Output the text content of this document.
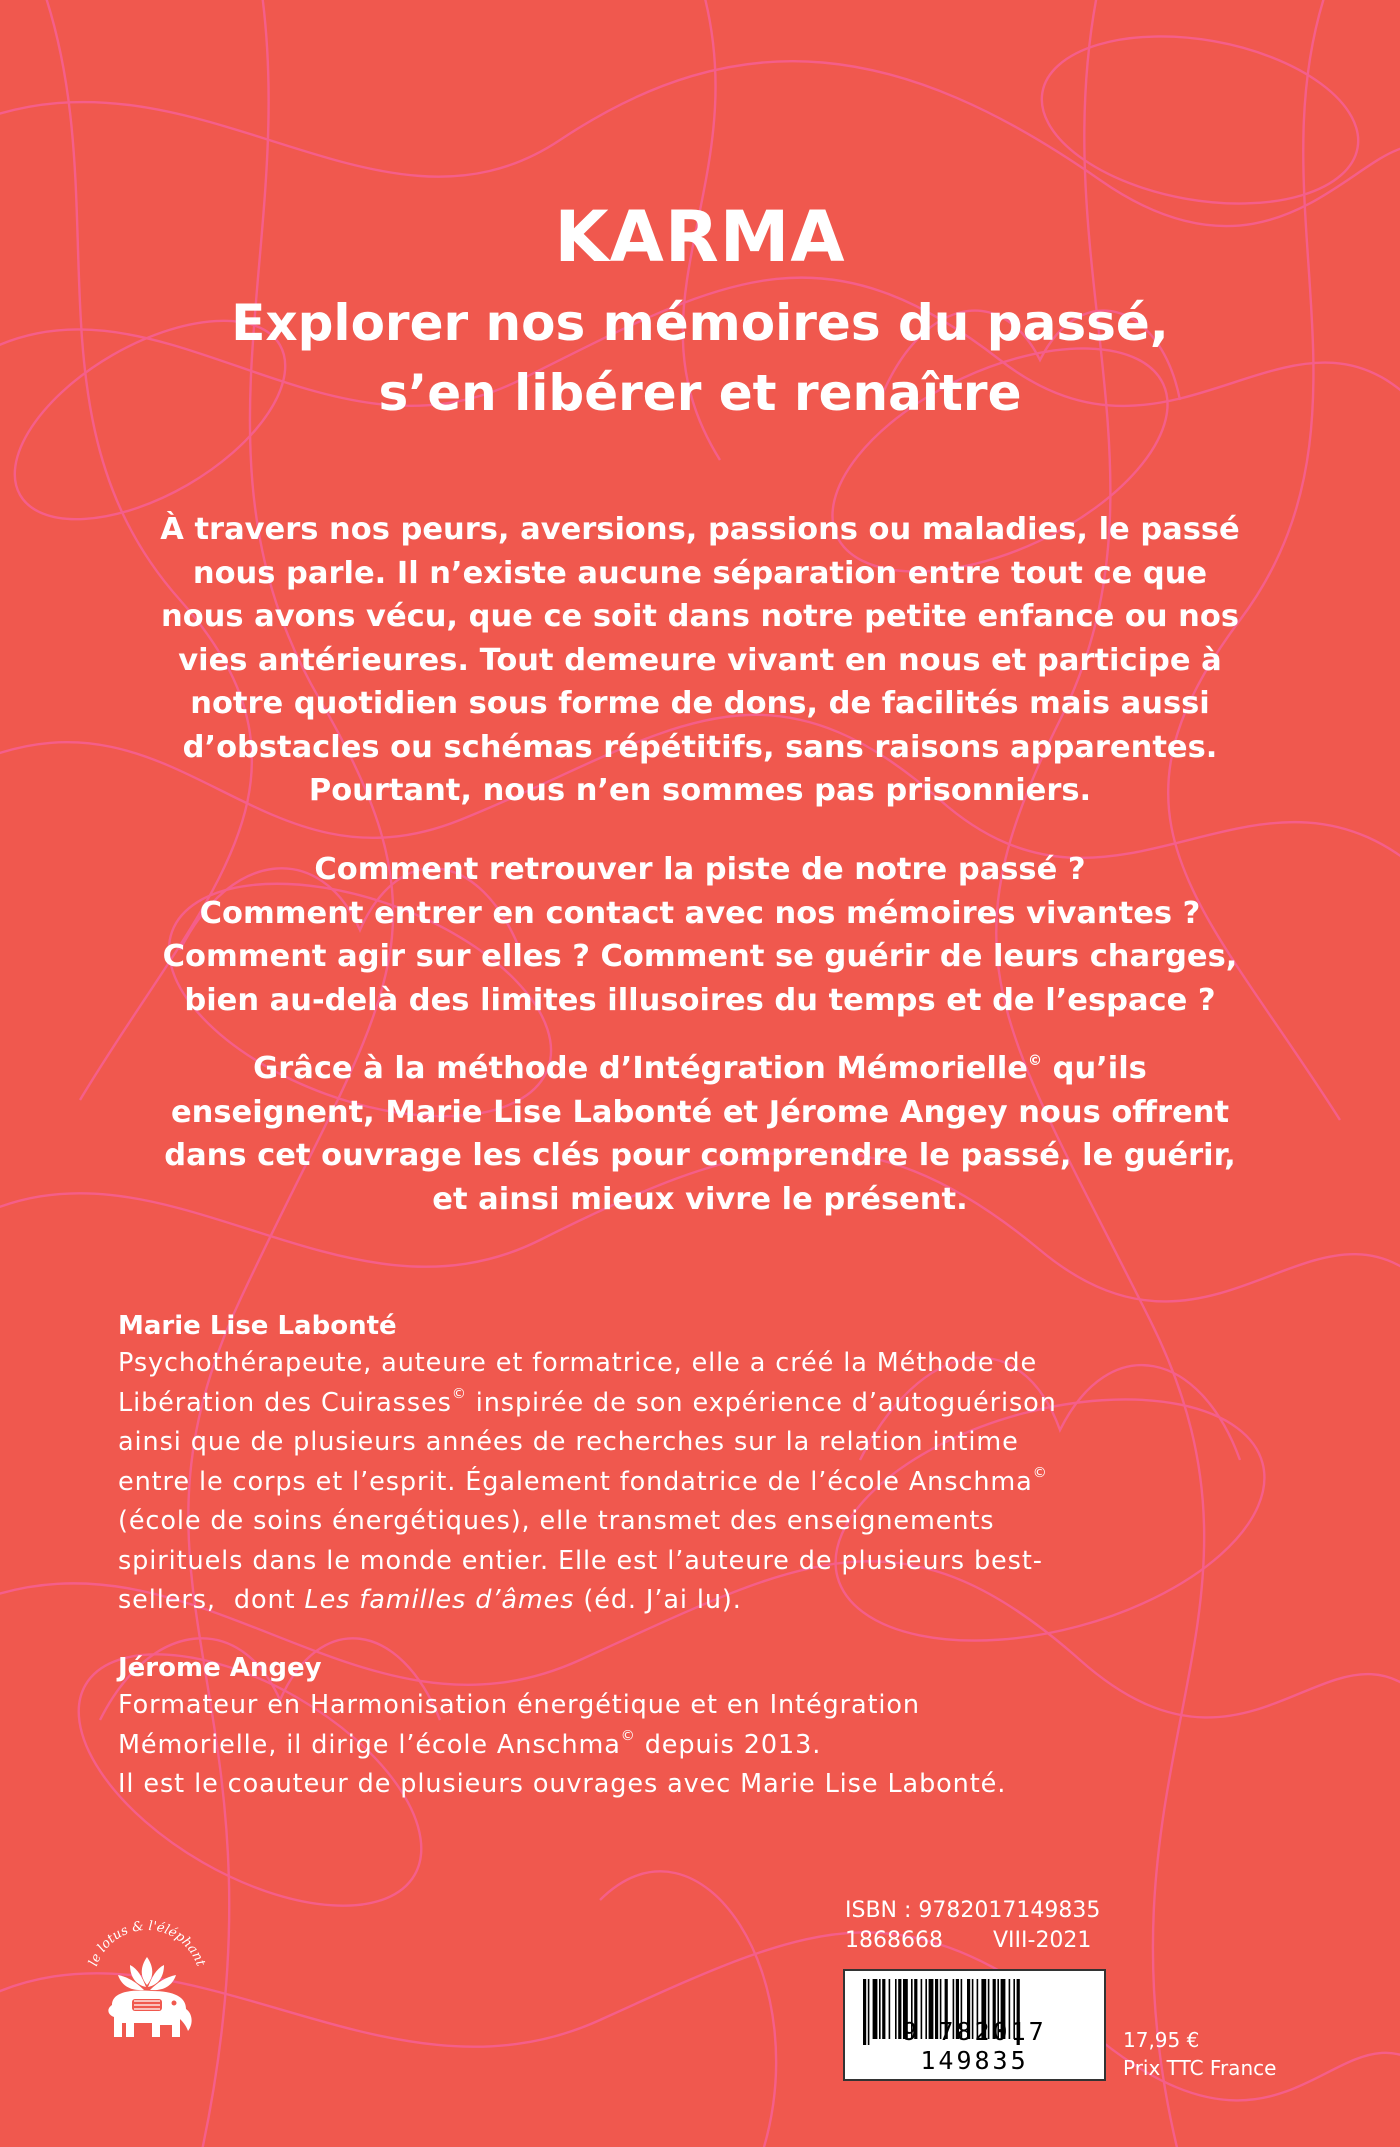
KARMA
Explorer nos mémoires du passé,
s’en libérer et renaître
À travers nos peurs, aversions, passions ou maladies, le passé
nous parle. Il n’existe aucune séparation entre tout ce que
nous avons vécu, que ce soit dans notre petite enfance ou nos
vies antérieures. Tout demeure vivant en nous et participe à
notre quotidien sous forme de dons, de facilités mais aussi
d’obstacles ou schémas répétitifs, sans raisons apparentes.
Pourtant, nous n’en sommes pas prisonniers.
Comment retrouver la piste de notre passé ?
Comment entrer en contact avec nos mémoires vivantes ?
Comment agir sur elles ? Comment se guérir de leurs charges,
bien au-delà des limites illusoires du temps et de l’espace ?
Grâce à la méthode d’Intégration Mémorielle© qu’ils
enseignent, Marie Lise Labonté et Jérome Angey nous offrent
dans cet ouvrage les clés pour comprendre le passé, le guérir,
et ainsi mieux vivre le présent.
Marie Lise Labonté
Psychothérapeute, auteure et formatrice, elle a créé la Méthode de
Libération des Cuirasses© inspirée de son expérience d’autoguérison
ainsi que de plusieurs années de recherches sur la relation intime
entre le corps et l’esprit. Également fondatrice de l’école Anschma©
(école de soins énergétiques), elle transmet des enseignements
spirituels dans le monde entier. Elle est l’auteure de plusieurs best-
sellers,  dont Les familles d’âmes (éd. J’ai lu).
Jérome Angey
Formateur en Harmonisation énergétique et en Intégration
Mémorielle, il dirige l’école Anschma© depuis 2013.
Il est le coauteur de plusieurs ouvrages avec Marie Lise Labonté.
le lotus & l'éléphant
ISBN : 9782017149835
1868668 VIII-2021
9 782017 149835
17,95 €
Prix TTC France
